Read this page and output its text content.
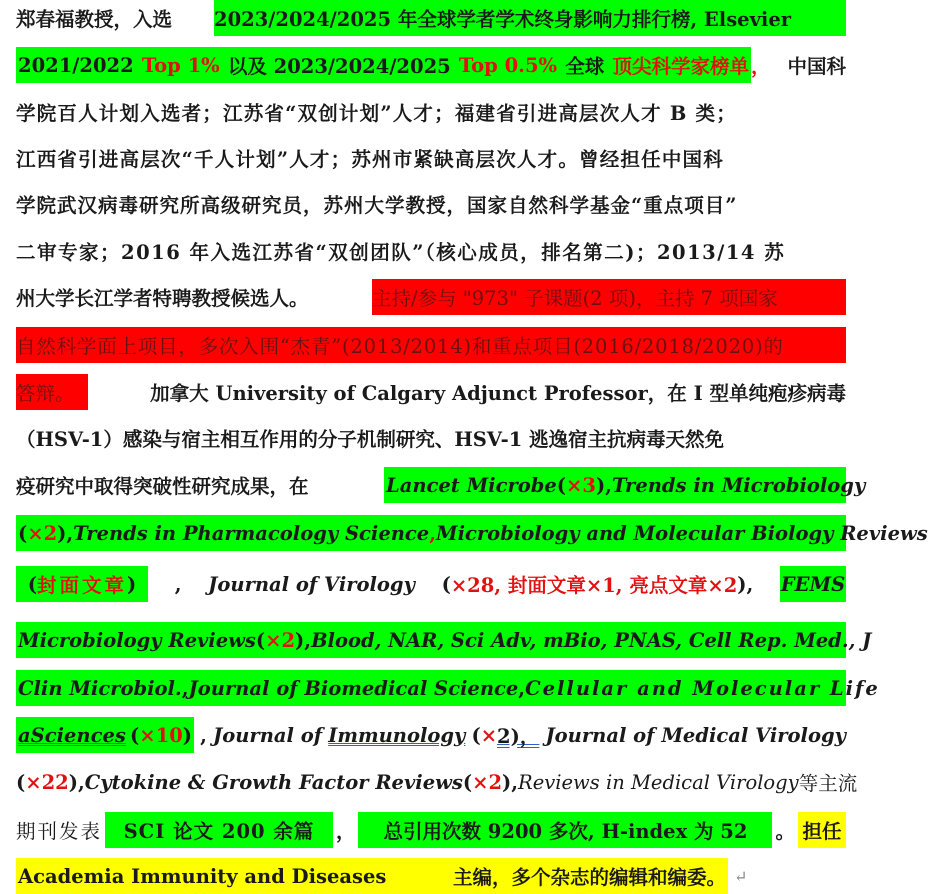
郑春福教授，入选 2023/2024/2025 年全球学者学术终身影响力排行榜, Elsevier
2021/2022 Top 1% 以及 2023/2024/2025 Top 0.5% 全球 顶尖科学家榜单 ， 中国科
学院百人计划入选者；江苏省“双创计划”人才；福建省引进高层次人才 B 类；
江西省引进高层次“千人计划”人才；苏州市紧缺高层次人才。曾经担任中国科
学院武汉病毒研究所高级研究员，苏州大学教授，国家自然科学基金“重点项目”
二审专家；2016 年入选江苏省“双创团队”（核心成员，排名第二)；2013/14 苏
州大学长江学者特聘教授候选人。	主持/参与 "973" 子课题(2 项)，主持 7 项国家
自然科学面上项目，多次入围“杰青”(2013/2014)和重点项目(2016/2018/2020)的
答辩。	加拿大 University of Calgary Adjunct Professor，在 I 型单纯疱疹病毒
（HSV-1）感染与宿主相互作用的分子机制研究、HSV-1 逃逸宿主抗病毒天然免
疫研究中取得突破性研究成果，在	Lancet Microbe ( ×3 ), Trends in Microbiology
(×2), Trends in Pharmacology Science , Microbiology and Molecular Biology Reviews
( 封面文章 ) , Journal of Virology ( ×28, 封面文章×1, 亮点文章×2 ), FEMS
Microbiology Reviews (×2), Blood, NAR, Sci Adv, mBio, PNAS, Cell Rep. Med., J
Clin Microbiol., Journal of Biomedical Science , Cellular and Molecular Life
aSciences (×10) , Journal of Immunology ( × 2)， Journal of Medical Virology
( ×22 ), Cytokine & Growth Factor Reviews ( ×2 ), Reviews in Medical Virology 等主流
期刊发表	SCI 论文 200 余篇	，	总引用次数 9200 多次, H-index 为 52	。 担任
Academia Immunity and Diseases	主编，多个杂志的编辑和编委。 ↵
